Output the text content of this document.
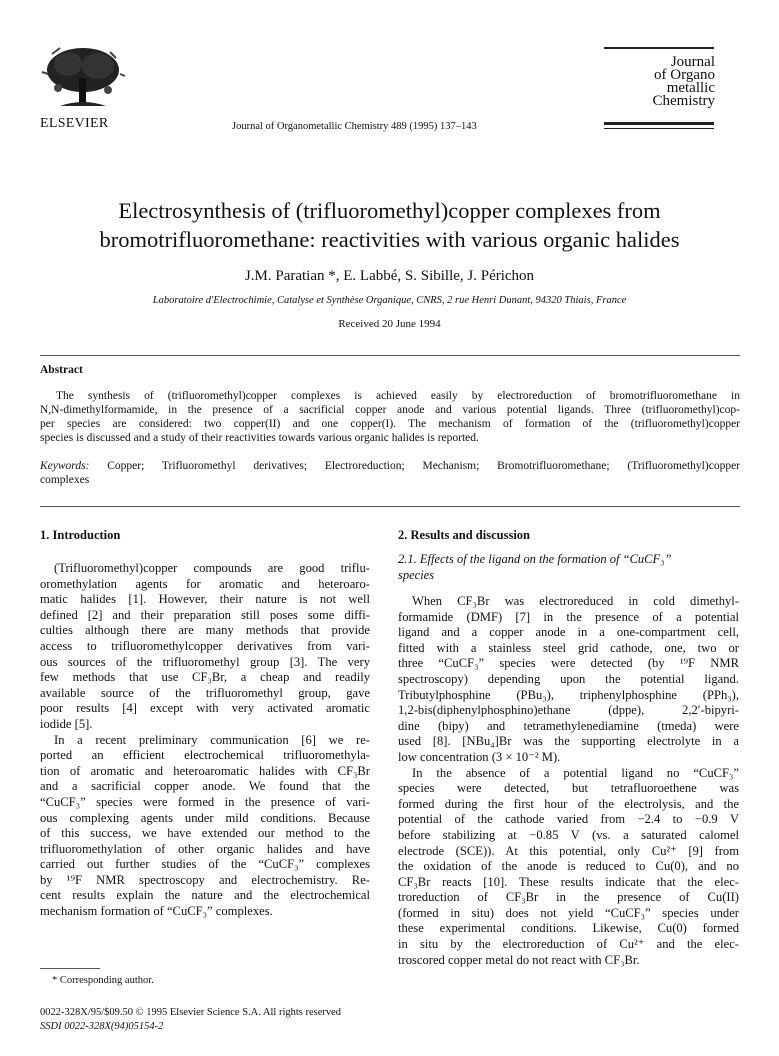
ELSEVIER	Journal of Organometallic Chemistry 489 (1995) 137–143
Journal
of Organo
metallic
Chemistry
Electrosynthesis of (trifluoromethyl)copper complexes from
bromotrifluoromethane: reactivities with various organic halides
J.M. Paratian *, E. Labbé, S. Sibille, J. Périchon
Laboratoire d'Electrochimie, Catalyse et Synthèse Organique, CNRS, 2 rue Henri Dunant, 94320 Thiais, France
Received 20 June 1994
Abstract
The synthesis of (trifluoromethyl)copper complexes is achieved easily by electroreduction of bromotrifluoromethane in
N,N-dimethylformamide, in the presence of a sacrificial copper anode and various potential ligands. Three (trifluoromethyl)cop-
per species are considered: two copper(II) and one copper(I). The mechanism of formation of the (trifluoromethyl)copper
species is discussed and a study of their reactivities towards various organic halides is reported.
Keywords: Copper; Trifluoromethyl derivatives; Electroreduction; Mechanism; Bromotrifluoromethane; (Trifluoromethyl)copper
complexes
1. Introduction
(Trifluoromethyl)copper compounds are good triflu-
oromethylation agents for aromatic and heteroaro-
matic halides [1]. However, their nature is not well
defined [2] and their preparation still poses some diffi-
culties although there are many methods that provide
access to trifluoromethylcopper derivatives from vari-
ous sources of the trifluoromethyl group [3]. The very
few methods that use CF₃Br, a cheap and readily
available source of the trifluoromethyl group, gave
poor results [4] except with very activated aromatic
iodide [5].
In a recent preliminary communication [6] we re-
ported an efficient electrochemical trifluoromethyla-
tion of aromatic and heteroaromatic halides with CF₃Br
and a sacrificial copper anode. We found that the
“CuCF₃” species were formed in the presence of vari-
ous complexing agents under mild conditions. Because
of this success, we have extended our method to the
trifluoromethylation of other organic halides and have
carried out further studies of the “CuCF₃” complexes
by ¹⁹F NMR spectroscopy and electrochemistry. Re-
cent results explain the nature and the electrochemical
mechanism formation of “CuCF₃” complexes.
* Corresponding author.
2. Results and discussion
2.1. Effects of the ligand on the formation of “CuCF₃”
species
When CF₃Br was electroreduced in cold dimethyl-
formamide (DMF) [7] in the presence of a potential
ligand and a copper anode in a one-compartment cell,
fitted with a stainless steel grid cathode, one, two or
three “CuCF₃” species were detected (by ¹⁹F NMR
spectroscopy) depending upon the potential ligand.
Tributylphosphine (PBu₃), triphenylphosphine (PPh₃),
1,2-bis(diphenylphosphino)ethane (dppe), 2,2′-bipyri-
dine (bipy) and tetramethylenediamine (tmeda) were
used [8]. [NBu₄]Br was the supporting electrolyte in a
low concentration (3 × 10⁻² M).
In the absence of a potential ligand no “CuCF₃”
species were detected, but tetrafluoroethene was
formed during the first hour of the electrolysis, and the
potential of the cathode varied from −2.4 to −0.9 V
before stabilizing at −0.85 V (vs. a saturated calomel
electrode (SCE)). At this potential, only Cu²⁺ [9] from
the oxidation of the anode is reduced to Cu(0), and no
CF₃Br reacts [10]. These results indicate that the elec-
troreduction of CF₃Br in the presence of Cu(II)
(formed in situ) does not yield “CuCF₃” species under
these experimental conditions. Likewise, Cu(0) formed
in situ by the electroreduction of Cu²⁺ and the elec-
troscored copper metal do not react with CF₃Br.
0022-328X/95/$09.50 © 1995 Elsevier Science S.A. All rights reserved
SSDI 0022-328X(94)05154-2
